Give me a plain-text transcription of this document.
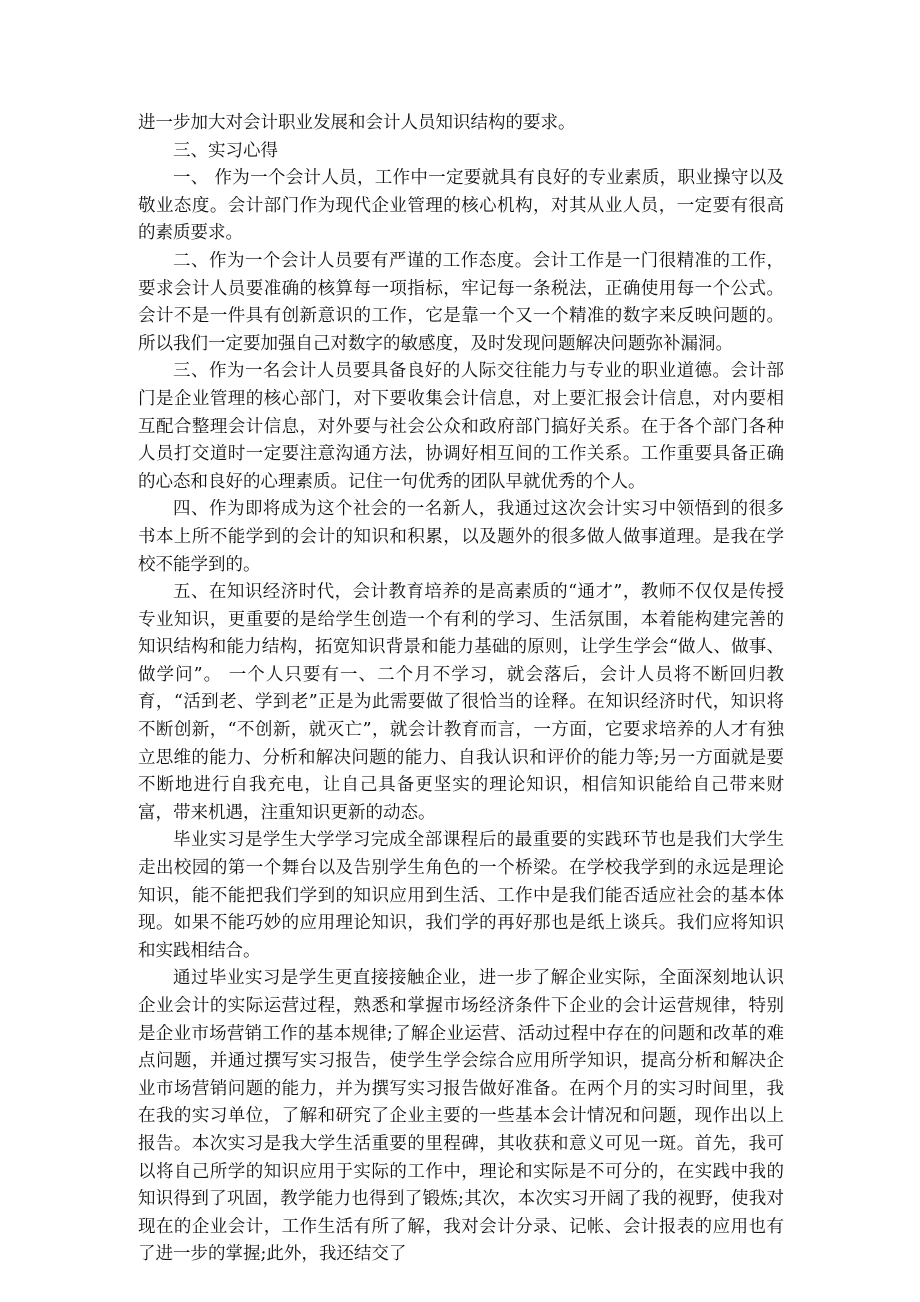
进一步加大对会计职业发展和会计人员知识结构的要求。

三、实习心得

一、 作为一个会计人员，工作中一定要就具有良好的专业素质，职业操守以及敬业态度。会计部门作为现代企业管理的核心机构，对其从业人员，一定要有很高的素质要求。

二、作为一个会计人员要有严谨的工作态度。会计工作是一门很精准的工作，要求会计人员要准确的核算每一项指标，牢记每一条税法，正确使用每一个公式。会计不是一件具有创新意识的工作，它是靠一个又一个精准的数字来反映问题的。所以我们一定要加强自己对数字的敏感度，及时发现问题解决问题弥补漏洞。

三、作为一名会计人员要具备良好的人际交往能力与专业的职业道德。会计部门是企业管理的核心部门，对下要收集会计信息，对上要汇报会计信息，对内要相互配合整理会计信息，对外要与社会公众和政府部门搞好关系。在于各个部门各种人员打交道时一定要注意沟通方法，协调好相互间的工作关系。工作重要具备正确的心态和良好的心理素质。记住一句优秀的团队早就优秀的个人。

四、作为即将成为这个社会的一名新人，我通过这次会计实习中领悟到的很多书本上所不能学到的会计的知识和积累，以及题外的很多做人做事道理。是我在学校不能学到的。

五、在知识经济时代，会计教育培养的是高素质的“通才”，教师不仅仅是传授专业知识，更重要的是给学生创造一个有利的学习、生活氛围，本着能构建完善的知识结构和能力结构，拓宽知识背景和能力基础的原则，让学生学会“做人、做事、做学问”。 一个人只要有一、二个月不学习，就会落后，会计人员将不断回归教育，“活到老、学到老”正是为此需要做了很恰当的诠释。在知识经济时代，知识将不断创新，“不创新，就灭亡”，就会计教育而言，一方面，它要求培养的人才有独立思维的能力、分析和解决问题的能力、自我认识和评价的能力等;另一方面就是要不断地进行自我充电，让自己具备更坚实的理论知识，相信知识能给自己带来财富，带来机遇，注重知识更新的动态。

毕业实习是学生大学学习完成全部课程后的最重要的实践环节也是我们大学生走出校园的第一个舞台以及告别学生角色的一个桥梁。在学校我学到的永远是理论知识，能不能把我们学到的知识应用到生活、工作中是我们能否适应社会的基本体现。如果不能巧妙的应用理论知识，我们学的再好那也是纸上谈兵。我们应将知识和实践相结合。

通过毕业实习是学生更直接接触企业，进一步了解企业实际，全面深刻地认识企业会计的实际运营过程，熟悉和掌握市场经济条件下企业的会计运营规律，特别是企业市场营销工作的基本规律;了解企业运营、活动过程中存在的问题和改革的难点问题，并通过撰写实习报告，使学生学会综合应用所学知识，提高分析和解决企业市场营销问题的能力，并为撰写实习报告做好准备。在两个月的实习时间里，我在我的实习单位，了解和研究了企业主要的一些基本会计情况和问题，现作出以上报告。本次实习是我大学生活重要的里程碑，其收获和意义可见一斑。首先，我可以将自己所学的知识应用于实际的工作中，理论和实际是不可分的，在实践中我的知识得到了巩固，教学能力也得到了锻炼;其次，本次实习开阔了我的视野，使我对现在的企业会计，工作生活有所了解，我对会计分录、记帐、会计报表的应用也有了进一步的掌握;此外，我还结交了
